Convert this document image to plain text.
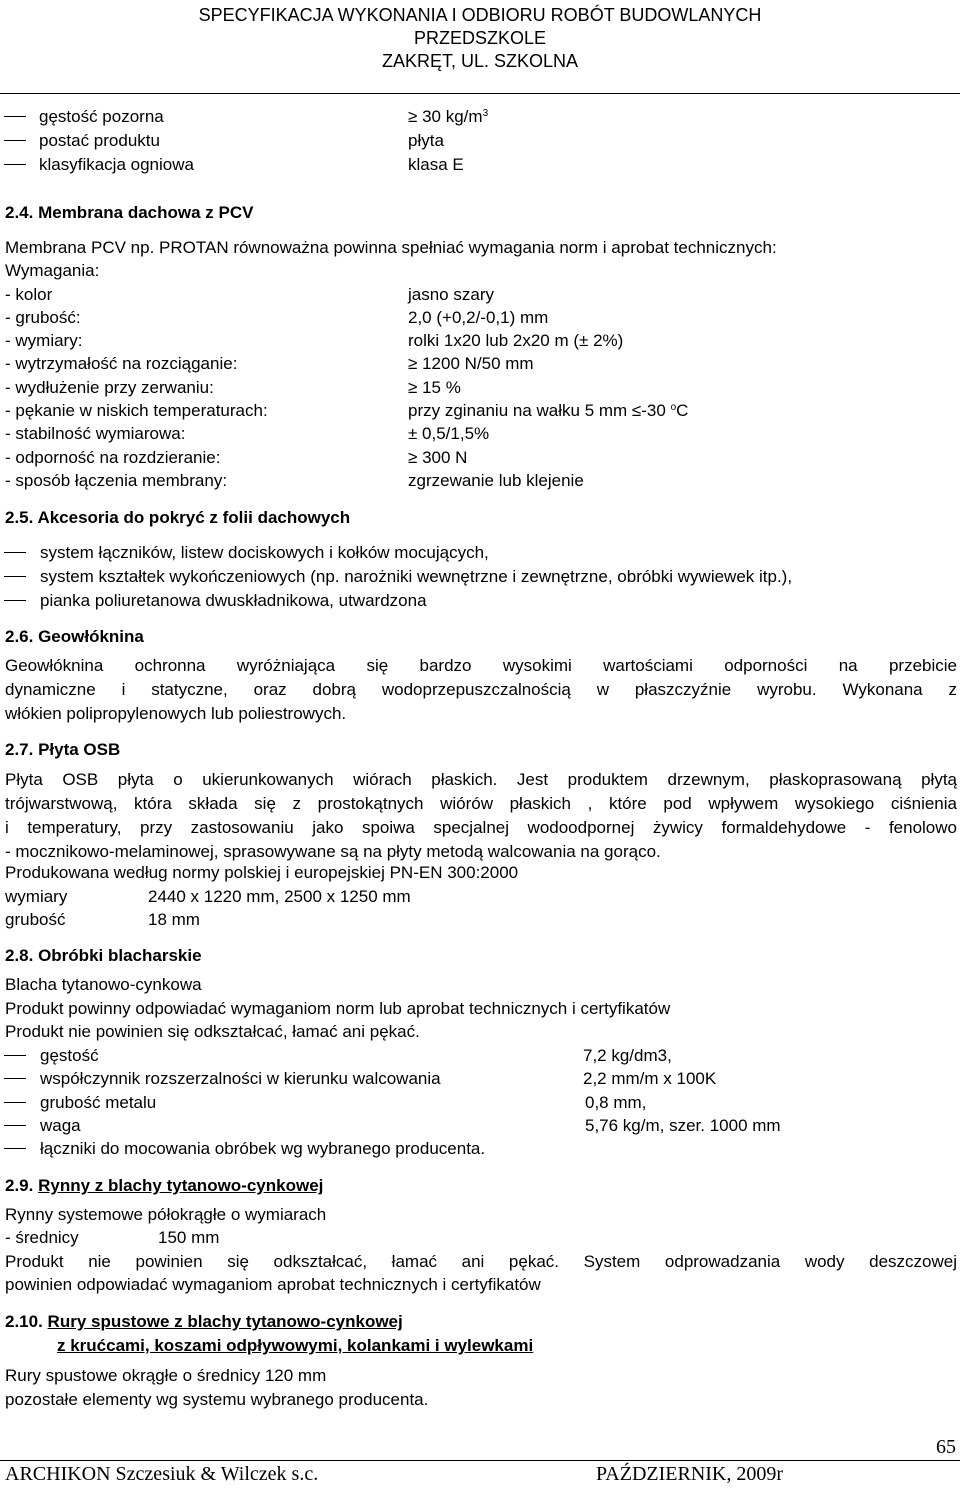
SPECYFIKACJA WYKONANIA I ODBIORU ROBÓT BUDOWLANYCH
PRZEDSZKOLE
ZAKRĘT, UL. SZKOLNA
gęstość pozorna	≥ 30 $kg/m^3$
postać produktu	płyta
klasyfikacja ogniowa	klasa E
2.4. Membrana dachowa z PCV
Membrana PCV np. PROTAN równoważna powinna spełniać wymagania norm i aprobat technicznych:
Wymagania:
- kolor	jasno szary
- grubość:	2,0 (+0,2/-0,1) mm
- wymiary:	rolki 1x20 lub 2x20 m (± 2%)
- wytrzymałość na rozciąganie:	≥ 1200 N/50 mm
- wydłużenie przy zerwaniu:	≥ 15 %
- pękanie w niskich temperaturach:	przy zginaniu na wałku 5 mm ≤-30 $^o$C
- stabilność wymiarowa:	± 0,5/1,5%
- odporność na rozdzieranie:	≥ 300 N
- sposób łączenia membrany:	zgrzewanie lub klejenie
2.5. Akcesoria do pokryć z folii dachowych
system łączników, listew dociskowych i kołków mocujących,
system kształtek wykończeniowych (np. narożniki wewnętrzne i zewnętrzne, obróbki wywiewek itp.),
pianka poliuretanowa dwuskładnikowa, utwardzona
2.6. Geowłóknina
Geowłóknina ochronna wyróżniająca się bardzo wysokimi wartościami odporności na przebicie
dynamiczne i statyczne, oraz dobrą wodoprzepuszczalnością w płaszczyźnie wyrobu. Wykonana z
włókien polipropylenowych lub poliestrowych.
2.7. Płyta OSB
Płyta OSB płyta o ukierunkowanych wiórach płaskich. Jest produktem drzewnym, płaskoprasowaną płytą
trójwarstwową, która składa się z prostokątnych wiórów płaskich , które pod wpływem wysokiego ciśnienia
i temperatury, przy zastosowaniu jako spoiwa specjalnej wodoodpornej żywicy formaldehydowe - fenolowo
- mocznikowo-melaminowej, sprasowywane są na płyty metodą walcowania na gorąco.
Produkowana według normy polskiej i europejskiej PN-EN 300:2000
wymiary	2440 x 1220 mm, 2500 x 1250 mm
grubość	18 mm
2.8. Obróbki blacharskie
Blacha tytanowo-cynkowa
Produkt powinny odpowiadać wymaganiom norm lub aprobat technicznych i certyfikatów
Produkt nie powinien się odkształcać, łamać ani pękać.
gęstość	7,2 kg/dm3,
współczynnik rozszerzalności w kierunku walcowania	2,2 mm/m x 100K
grubość metalu	0,8 mm,
waga	5,76 kg/m, szer. 1000 mm
łączniki do mocowania obróbek wg wybranego producenta.
2.9. Rynny z blachy tytanowo-cynkowej
Rynny systemowe półokrągłe o wymiarach
- średnicy	150 mm
Produkt nie powinien się odkształcać, łamać ani pękać. System odprowadzania wody deszczowej
powinien odpowiadać wymaganiom aprobat technicznych i certyfikatów
2.10. Rury spustowe z blachy tytanowo-cynkowej
z krućcami, koszami odpływowymi, kolankami i wylewkami
Rury spustowe okrągłe o średnicy 120 mm
pozostałe elementy wg systemu wybranego producenta.
65
ARCHIKON Szczesiuk & Wilczek s.c.	PAŹDZIERNIK, 2009r
